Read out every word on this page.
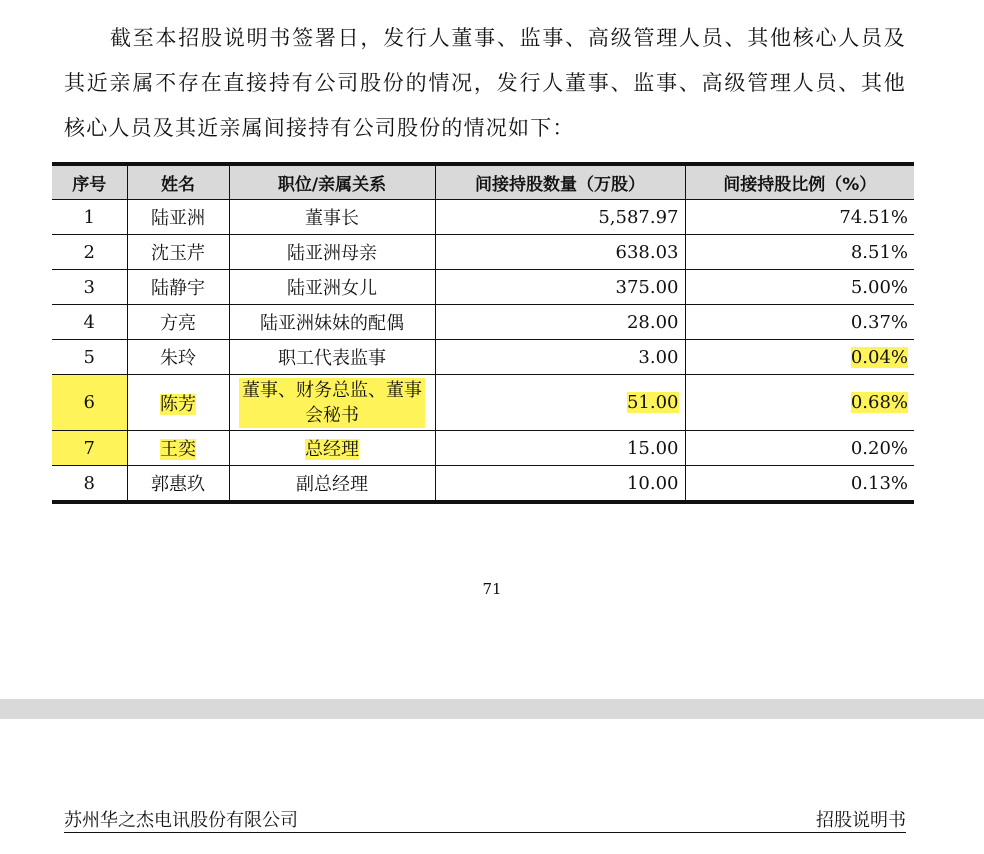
截至本招股说明书签署日，发行人董事、监事、高级管理人员、其他核心人员及其近亲属不存在直接持有公司股份的情况，发行人董事、监事、高级管理人员、其他核心人员及其近亲属间接持有公司股份的情况如下：

序号	姓名	职位/亲属关系	间接持股数量（万股）	间接持股比例（%）
1	陆亚洲	董事长	5,587.97	74.51%
2	沈玉芹	陆亚洲母亲	638.03	8.51%
3	陆静宇	陆亚洲女儿	375.00	5.00%
4	方亮	陆亚洲妹妹的配偶	28.00	0.37%
5	朱玲	职工代表监事	3.00	0.04%
6	陈芳	董事、财务总监、董事会秘书	51.00	0.68%
7	王奕	总经理	15.00	0.20%
8	郭惠玖	副总经理	10.00	0.13%
71
苏州华之杰电讯股份有限公司	招股说明书
